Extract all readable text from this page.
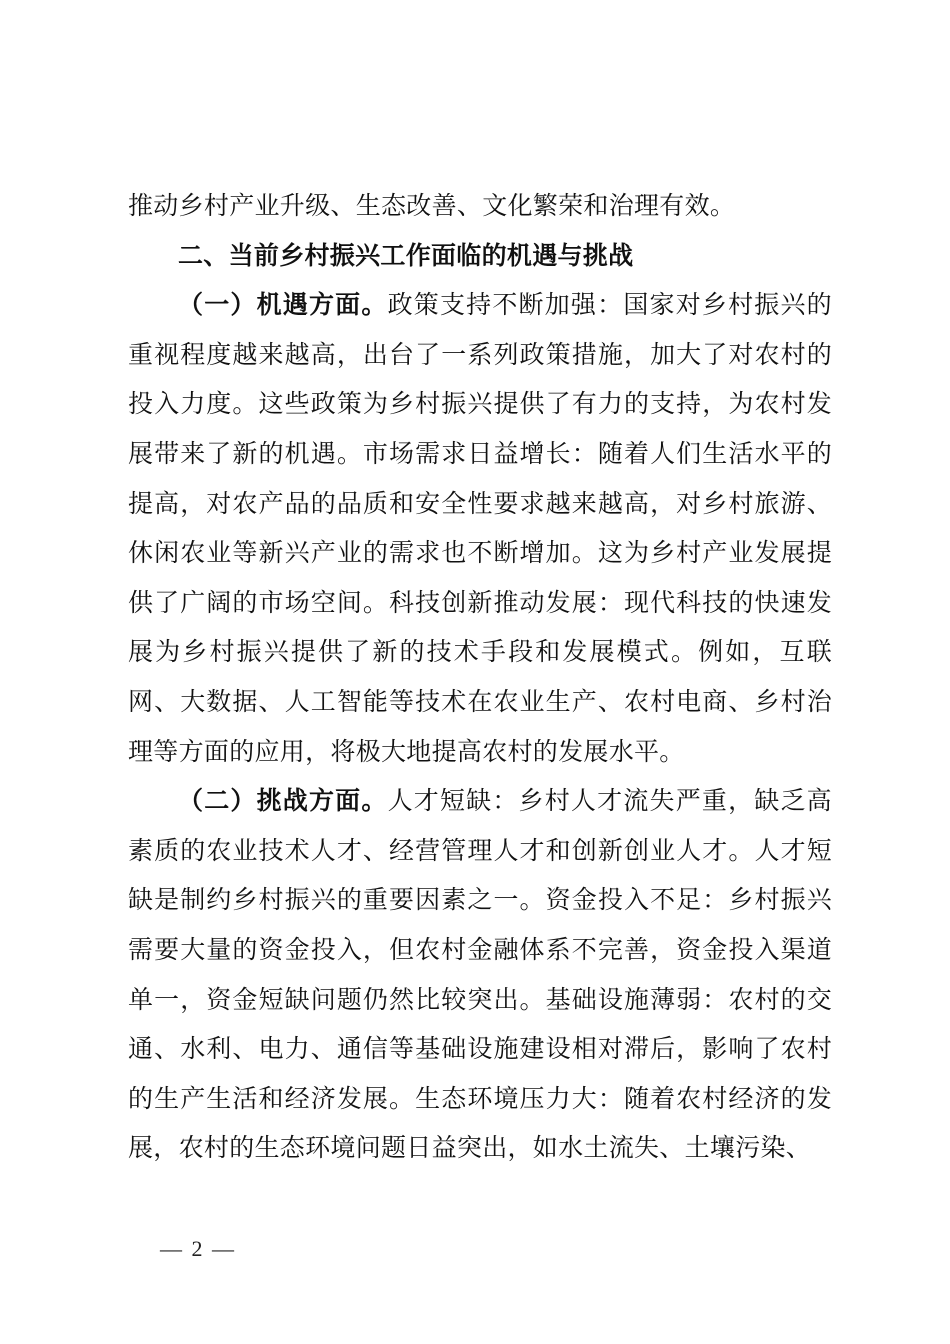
推动乡村产业升级、生态改善、文化繁荣和治理有效。

二、当前乡村振兴工作面临的机遇与挑战

（一）机遇方面。政策支持不断加强：国家对乡村振兴的重视程度越来越高，出台了一系列政策措施，加大了对农村的投入力度。这些政策为乡村振兴提供了有力的支持，为农村发展带来了新的机遇。市场需求日益增长：随着人们生活水平的提高，对农产品的品质和安全性要求越来越高，对乡村旅游、休闲农业等新兴产业的需求也不断增加。这为乡村产业发展提供了广阔的市场空间。科技创新推动发展：现代科技的快速发展为乡村振兴提供了新的技术手段和发展模式。例如，互联网、大数据、人工智能等技术在农业生产、农村电商、乡村治理等方面的应用，将极大地提高农村的发展水平。

（二）挑战方面。人才短缺：乡村人才流失严重，缺乏高素质的农业技术人才、经营管理人才和创新创业人才。人才短缺是制约乡村振兴的重要因素之一。资金投入不足：乡村振兴需要大量的资金投入，但农村金融体系不完善，资金投入渠道单一，资金短缺问题仍然比较突出。基础设施薄弱：农村的交通、水利、电力、通信等基础设施建设相对滞后，影响了农村的生产生活和经济发展。生态环境压力大：随着农村经济的发展，农村的生态环境问题日益突出，如水土流失、土壤污染、

— 2 —
